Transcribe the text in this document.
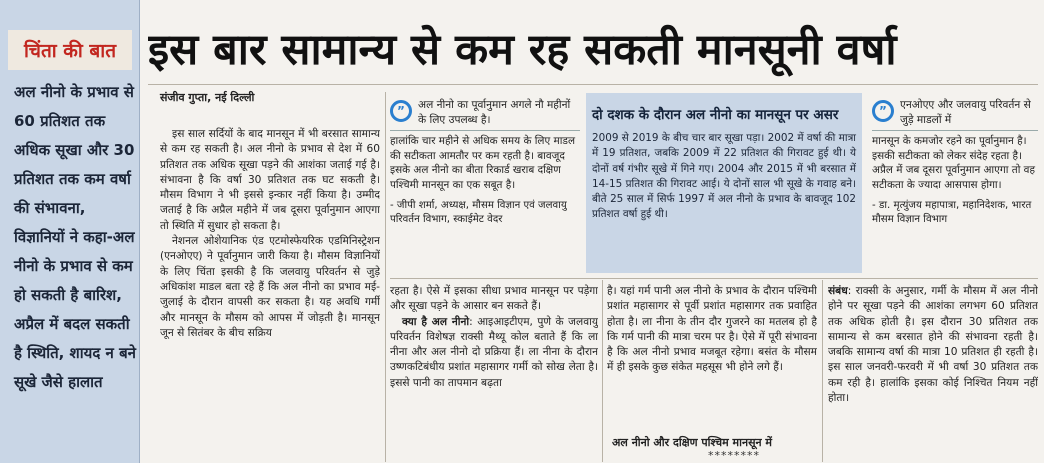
चिंता की बात
अल नीनो के प्रभाव से 60 प्रतिशत तक अधिक सूखा और 30 प्रतिशत तक कम वर्षा की संभावना, विज्ञानियों ने कहा-अल नीनो के प्रभाव से कम हो सकती है बारिश, अप्रैल में बदल सकती है स्थिति, शायद न बने सूखे जैसे हालात
इस बार सामान्य से कम रह सकती मानसूनी वर्षा
संजीव गुप्ता, नई दिल्ली

इस साल सर्दियों के बाद मानसून में भी बरसात सामान्य से कम रह सकती है। अल नीनो के प्रभाव से देश में 60 प्रतिशत तक अधिक सूखा पड़ने की आशंका जताई गई है। संभावना है कि वर्षा 30 प्रतिशत तक घट सकती है। मौसम विभाग ने भी इससे इन्कार नहीं किया है। उम्मीद जताई है कि अप्रैल महीने में जब दूसरा पूर्वानुमान आएगा तो स्थिति में सुधार हो सकता है।

नेशनल ओशेयानिक एंड एटमोस्फेयरिक एडमिनिस्ट्रेशन (एनओएए) ने पूर्वानुमान जारी किया है। मौसम विज्ञानियों के लिए चिंता इसकी है कि जलवायु परिवर्तन से जुड़े अधिकांश माडल बता रहे हैं कि अल नीनो का प्रभाव मई-जुलाई के दौरान वापसी कर सकता है। यह अवधि गर्मी और मानसून के मौसम को आपस में जोड़ती है। मानसून जून से सितंबर के बीच सक्रिय

रहता है। ऐसे में इसका सीधा प्रभाव मानसून पर पड़ेगा और सूखा पड़ने के आसार बन सकते हैं।

क्या है अल नीनो: आइआइटीएम, पुणे के जलवायु परिवर्तन विशेषज्ञ राक्सी मैथ्यू कोल बताते हैं कि ला नीना और अल नीनो दो प्रक्रिया हैं। ला नीना के दौरान उष्णकटिबंधीय प्रशांत महासागर गर्मी को सोख लेता है। इससे पानी का तापमान बढ़ता

है। यहां गर्म पानी अल नीनो के प्रभाव के दौरान पश्चिमी प्रशांत महासागर से पूर्वी प्रशांत महासागर तक प्रवाहित होता है। ला नीना के तीन दौर गुजरने का मतलब हो है कि गर्म पानी की मात्रा चरम पर है। ऐसे में पूरी संभावना है कि अल नीनो प्रभाव मजबूत रहेगा। बसंत के मौसम में ही इसके कुछ संकेत महसूस भी होने लगे हैं।

अल नीनो और दक्षिण पश्चिम मानसून में
********

संबंध: राक्सी के अनुसार, गर्मी के मौसम में अल नीनो होने पर सूखा पड़ने की आशंका लगभग 60 प्रतिशत तक अधिक होती है। इस दौरान 30 प्रतिशत तक सामान्य से कम बरसात होने की संभावना रहती है। जबकि सामान्य वर्षा की मात्रा 10 प्रतिशत ही रहती है। इस साल जनवरी-फरवरी में भी वर्षा 30 प्रतिशत तक कम रही है। हालांकि इसका कोई निश्चित नियम नहीं होता।

”	अल नीनो का पूर्वानुमान अगले नौ महीनों के लिए उपलब्ध है।
हालांकि चार महीने से अधिक समय के लिए माडल की सटीकता आमतौर पर कम रहती है। बावजूद इसके अल नीनो का बीता रिकार्ड खराब दक्षिण पश्चिमी मानसून का एक सबूत है।
- जीपी शर्मा, अध्यक्ष, मौसम विज्ञान एवं जलवायु परिवर्तन विभाग, स्काईमेट वेदर
दो दशक के दौरान अल नीनो का मानसून पर असर
2009 से 2019 के बीच चार बार सूखा पड़ा। 2002 में वर्षा की मात्रा में 19 प्रतिशत, जबकि 2009 में 22 प्रतिशत की गिरावट हुई थी। ये दोनों वर्ष गंभीर सूखे में गिने गए। 2004 और 2015 में भी बरसात में 14-15 प्रतिशत की गिरावट आई। ये दोनों साल भी सूखे के गवाह बने। बीते 25 साल में सिर्फ 1997 में अल नीनो के प्रभाव के बावजूद 102 प्रतिशत वर्षा हुई थी।
”	एनओएए और जलवायु परिवर्तन से जुड़े माडलों में
मानसून के कमजोर रहने का पूर्वानुमान है। इसकी सटीकता को लेकर संदेह रहता है। अप्रैल में जब दूसरा पूर्वानुमान आएगा तो वह सटीकता के ज्यादा आसपास होगा।
- डा. मृत्युंजय महापात्रा, महानिदेशक, भारत मौसम विज्ञान विभाग
